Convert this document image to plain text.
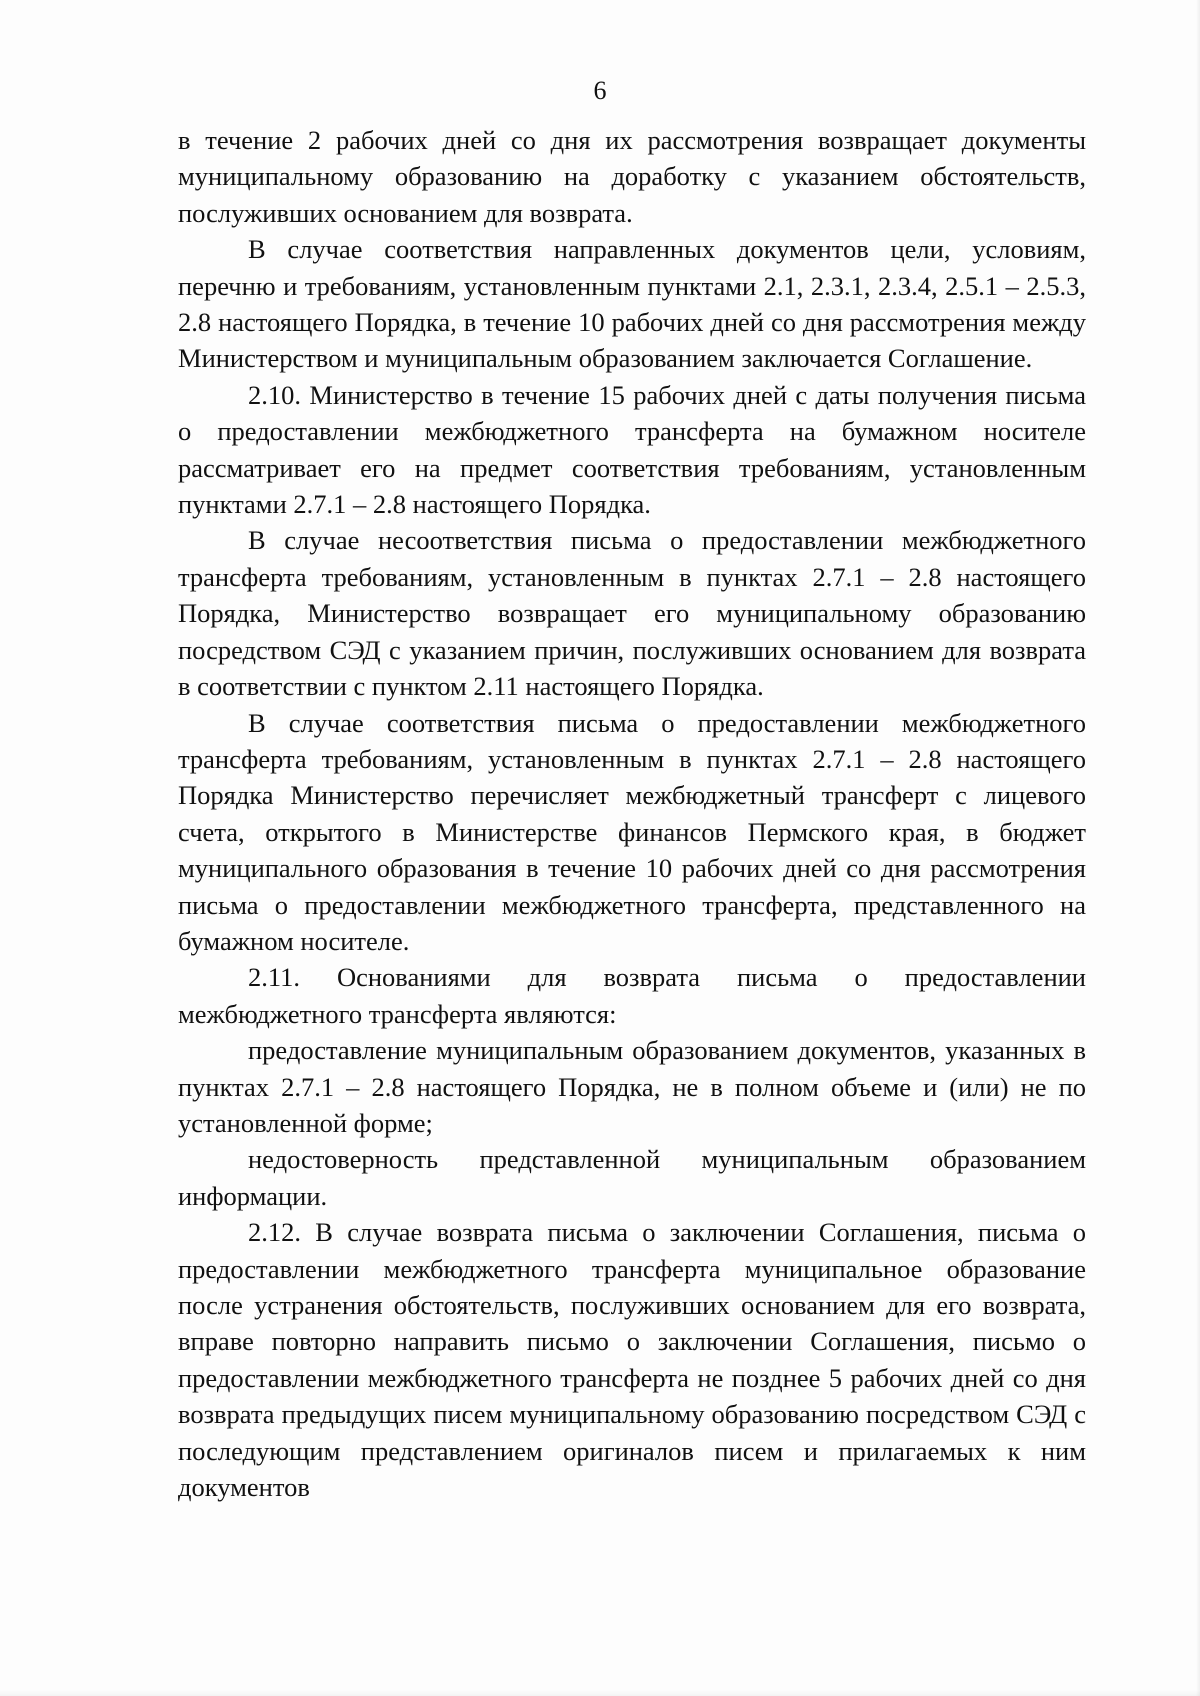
6

в течение 2 рабочих дней со дня их рассмотрения возвращает документы муниципальному образованию на доработку с указанием обстоятельств, послуживших основанием для возврата.

В случае соответствия направленных документов цели, условиям, перечню и требованиям, установленным пунктами 2.1, 2.3.1, 2.3.4, 2.5.1 – 2.5.3, 2.8 настоящего Порядка, в течение 10 рабочих дней со дня рассмотрения между Министерством и муниципальным образованием заключается Соглашение.

2.10. Министерство в течение 15 рабочих дней с даты получения письма о предоставлении межбюджетного трансферта на бумажном носителе рассматривает его на предмет соответствия требованиям, установленным пунктами 2.7.1 – 2.8 настоящего Порядка.

В случае несоответствия письма о предоставлении межбюджетного трансферта требованиям, установленным в пунктах 2.7.1 – 2.8 настоящего Порядка, Министерство возвращает его муниципальному образованию посредством СЭД с указанием причин, послуживших основанием для возврата в соответствии с пунктом 2.11 настоящего Порядка.

В случае соответствия письма о предоставлении межбюджетного трансферта требованиям, установленным в пунктах 2.7.1 – 2.8 настоящего Порядка Министерство перечисляет межбюджетный трансферт с лицевого счета, открытого в Министерстве финансов Пермского края, в бюджет муниципального образования в течение 10 рабочих дней со дня рассмотрения письма о предоставлении межбюджетного трансферта, представленного на бумажном носителе.

2.11. Основаниями для возврата письма о предоставлении межбюджетного трансферта являются:

предоставление муниципальным образованием документов, указанных в пунктах 2.7.1 – 2.8 настоящего Порядка, не в полном объеме и (или) не по установленной форме;

недостоверность представленной муниципальным образованием информации.

2.12. В случае возврата письма о заключении Соглашения, письма о предоставлении межбюджетного трансферта муниципальное образование после устранения обстоятельств, послуживших основанием для его возврата, вправе повторно направить письмо о заключении Соглашения, письмо о предоставлении межбюджетного трансферта не позднее 5 рабочих дней со дня возврата предыдущих писем муниципальному образованию посредством СЭД с последующим представлением оригиналов писем и прилагаемых к ним документов
